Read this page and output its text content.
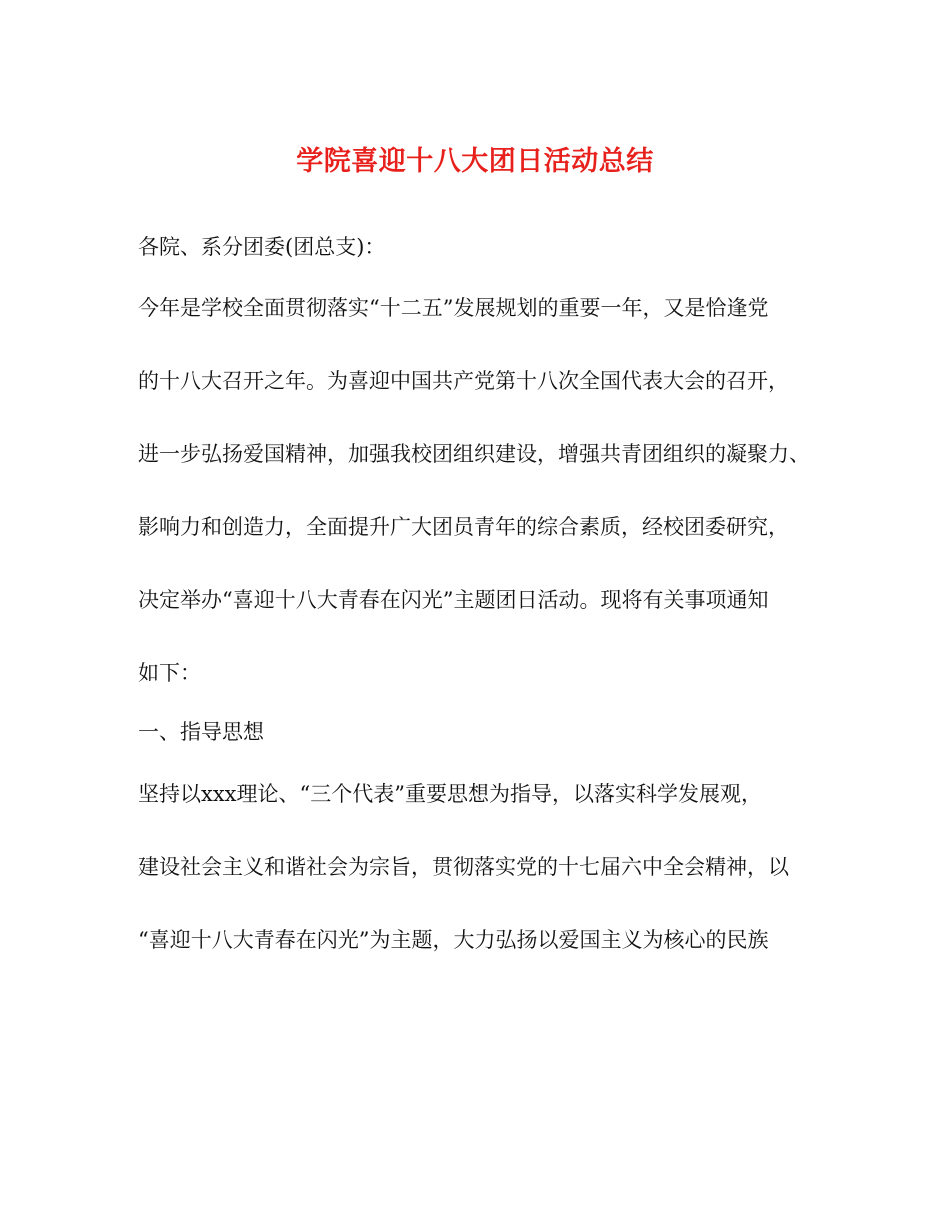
学院喜迎十八大团日活动总结
各院、系分团委(团总支)：
今年是学校全面贯彻落实“十二五”发展规划的重要一年，又是恰逢党
的十八大召开之年。为喜迎中国共产党第十八次全国代表大会的召开，
进一步弘扬爱国精神，加强我校团组织建设，增强共青团组织的凝聚力、
影响力和创造力，全面提升广大团员青年的综合素质，经校团委研究，
决定举办“喜迎十八大青春在闪光”主题团日活动。现将有关事项通知
如下：
一、指导思想
坚持以xxx理论、“三个代表”重要思想为指导，以落实科学发展观，
建设社会主义和谐社会为宗旨，贯彻落实党的十七届六中全会精神，以
“喜迎十八大青春在闪光”为主题，大力弘扬以爱国主义为核心的民族
